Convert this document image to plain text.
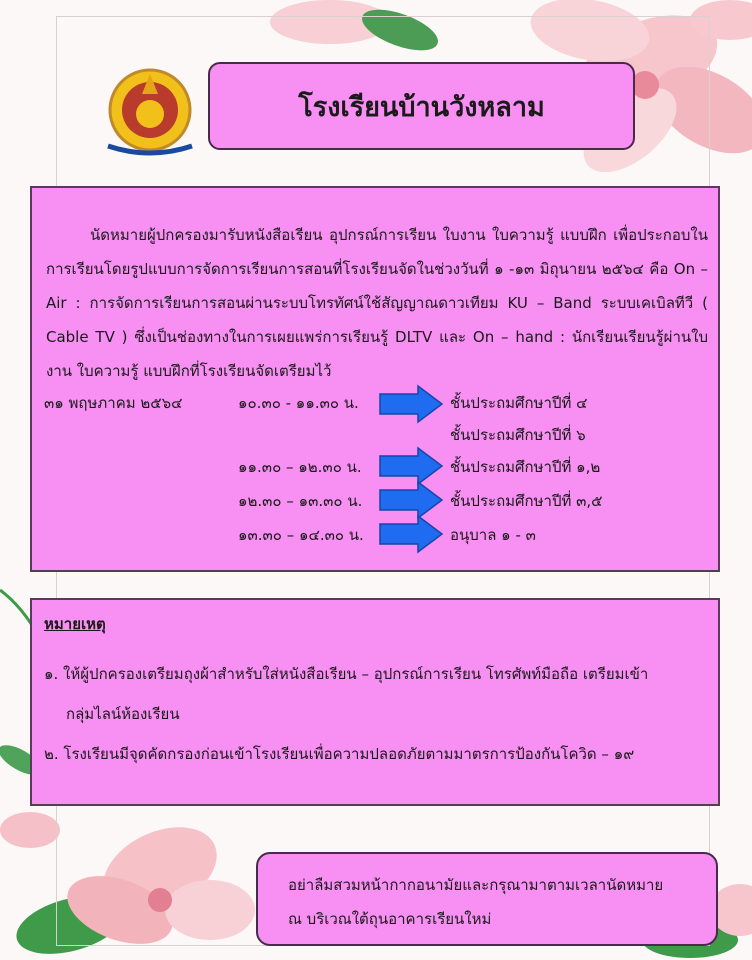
โรงเรียนบ้านวังหลาม

นัดหมายผู้ปกครองมารับหนังสือเรียน อุปกรณ์การเรียน ใบงาน ใบความรู้ แบบฝึก เพื่อประกอบในการเรียนโดยรูปแบบการจัดการเรียนการสอนที่โรงเรียนจัดในช่วงวันที่ ๑ -๑๓ มิถุนายน ๒๕๖๔ คือ On – Air : การจัดการเรียนการสอนผ่านระบบโทรทัศน์ใช้สัญญาณดาวเทียม KU – Band ระบบเคเบิลทีวี ( Cable TV ) ซึ่งเป็นช่องทางในการเผยแพร่การเรียนรู้ DLTV และ On – hand : นักเรียนเรียนรู้ผ่านใบงาน ใบความรู้ แบบฝึกที่โรงเรียนจัดเตรียมไว้

๓๑ พฤษภาคม ๒๕๖๔	๑๐.๓๐ - ๑๑.๓๐ น.
๑๑.๓๐ – ๑๒.๓๐ น.
๑๒.๓๐ – ๑๓.๓๐ น.
๑๓.๓๐ – ๑๔.๓๐ น.
ชั้นประถมศึกษาปีที่ ๔
ชั้นประถมศึกษาปีที่ ๖
ชั้นประถมศึกษาปีที่ ๑,๒
ชั้นประถมศึกษาปีที่ ๓,๕
อนุบาล ๑ - ๓

หมายเหตุ

๑. ให้ผู้ปกครองเตรียมถุงผ้าสำหรับใส่หนังสือเรียน – อุปกรณ์การเรียน โทรศัพท์มือถือ เตรียมเข้า

กลุ่มไลน์ห้องเรียน

๒. โรงเรียนมีจุดคัดกรองก่อนเข้าโรงเรียนเพื่อความปลอดภัยตามมาตรการป้องกันโควิด – ๑๙

อย่าลืมสวมหน้ากากอนามัยและกรุณามาตามเวลานัดหมาย
ณ บริเวณใต้ถุนอาคารเรียนใหม่
